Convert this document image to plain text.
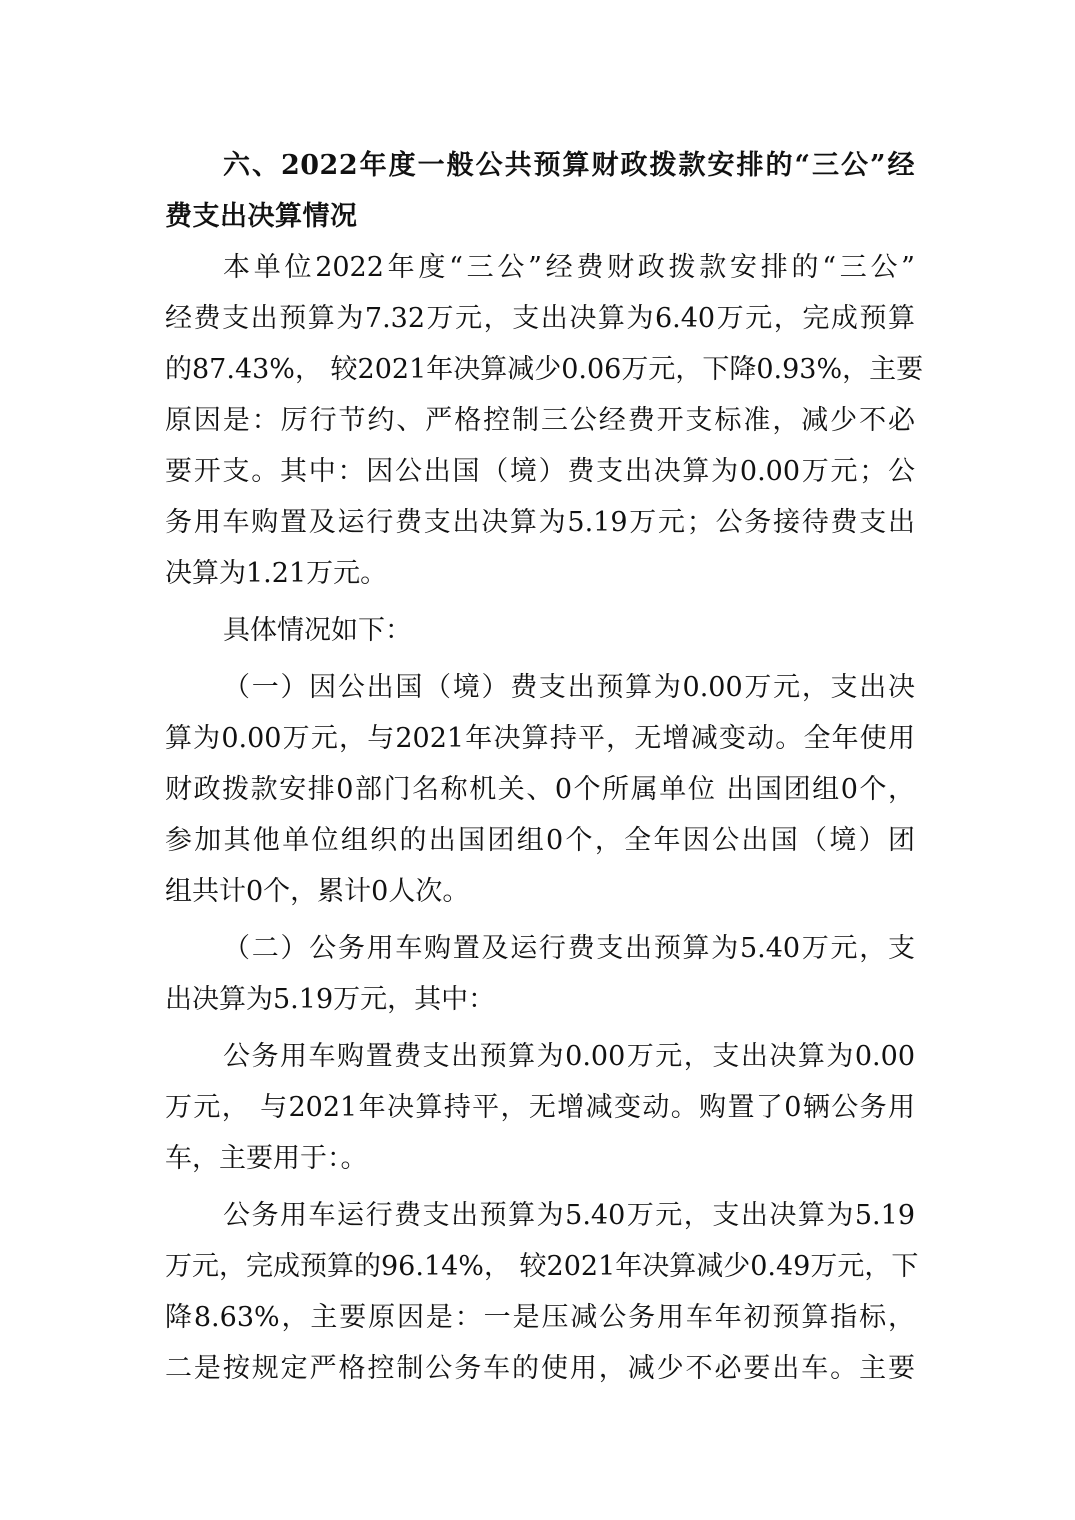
六、2022年度一般公共预算财政拨款安排的“三公”经
费支出决算情况
本单位2022年度“三公”经费财政拨款安排的“三公”
经费支出预算为7.32万元，支出决算为6.40万元，完成预算
的87.43%， 较2021年决算减少0.06万元，下降0.93%，主要
原因是：厉行节约、严格控制三公经费开支标准，减少不必
要开支。其中：因公出国（境）费支出决算为0.00万元；公
务用车购置及运行费支出决算为5.19万元；公务接待费支出
决算为1.21万元。
具体情况如下：
（一）因公出国（境）费支出预算为0.00万元，支出决
算为0.00万元，与2021年决算持平，无增减变动。全年使用
财政拨款安排0部门名称机关、0个所属单位 出国团组0个，
参加其他单位组织的出国团组0个，全年因公出国（境）团
组共计0个，累计0人次。
（二）公务用车购置及运行费支出预算为5.40万元，支
出决算为5.19万元，其中：
公务用车购置费支出预算为0.00万元，支出决算为0.00
万元， 与2021年决算持平，无增减变动。购置了0辆公务用
车，主要用于：。
公务用车运行费支出预算为5.40万元，支出决算为5.19
万元，完成预算的96.14%， 较2021年决算减少0.49万元，下
降8.63%，主要原因是：一是压减公务用车年初预算指标，
二是按规定严格控制公务车的使用，减少不必要出车。主要
